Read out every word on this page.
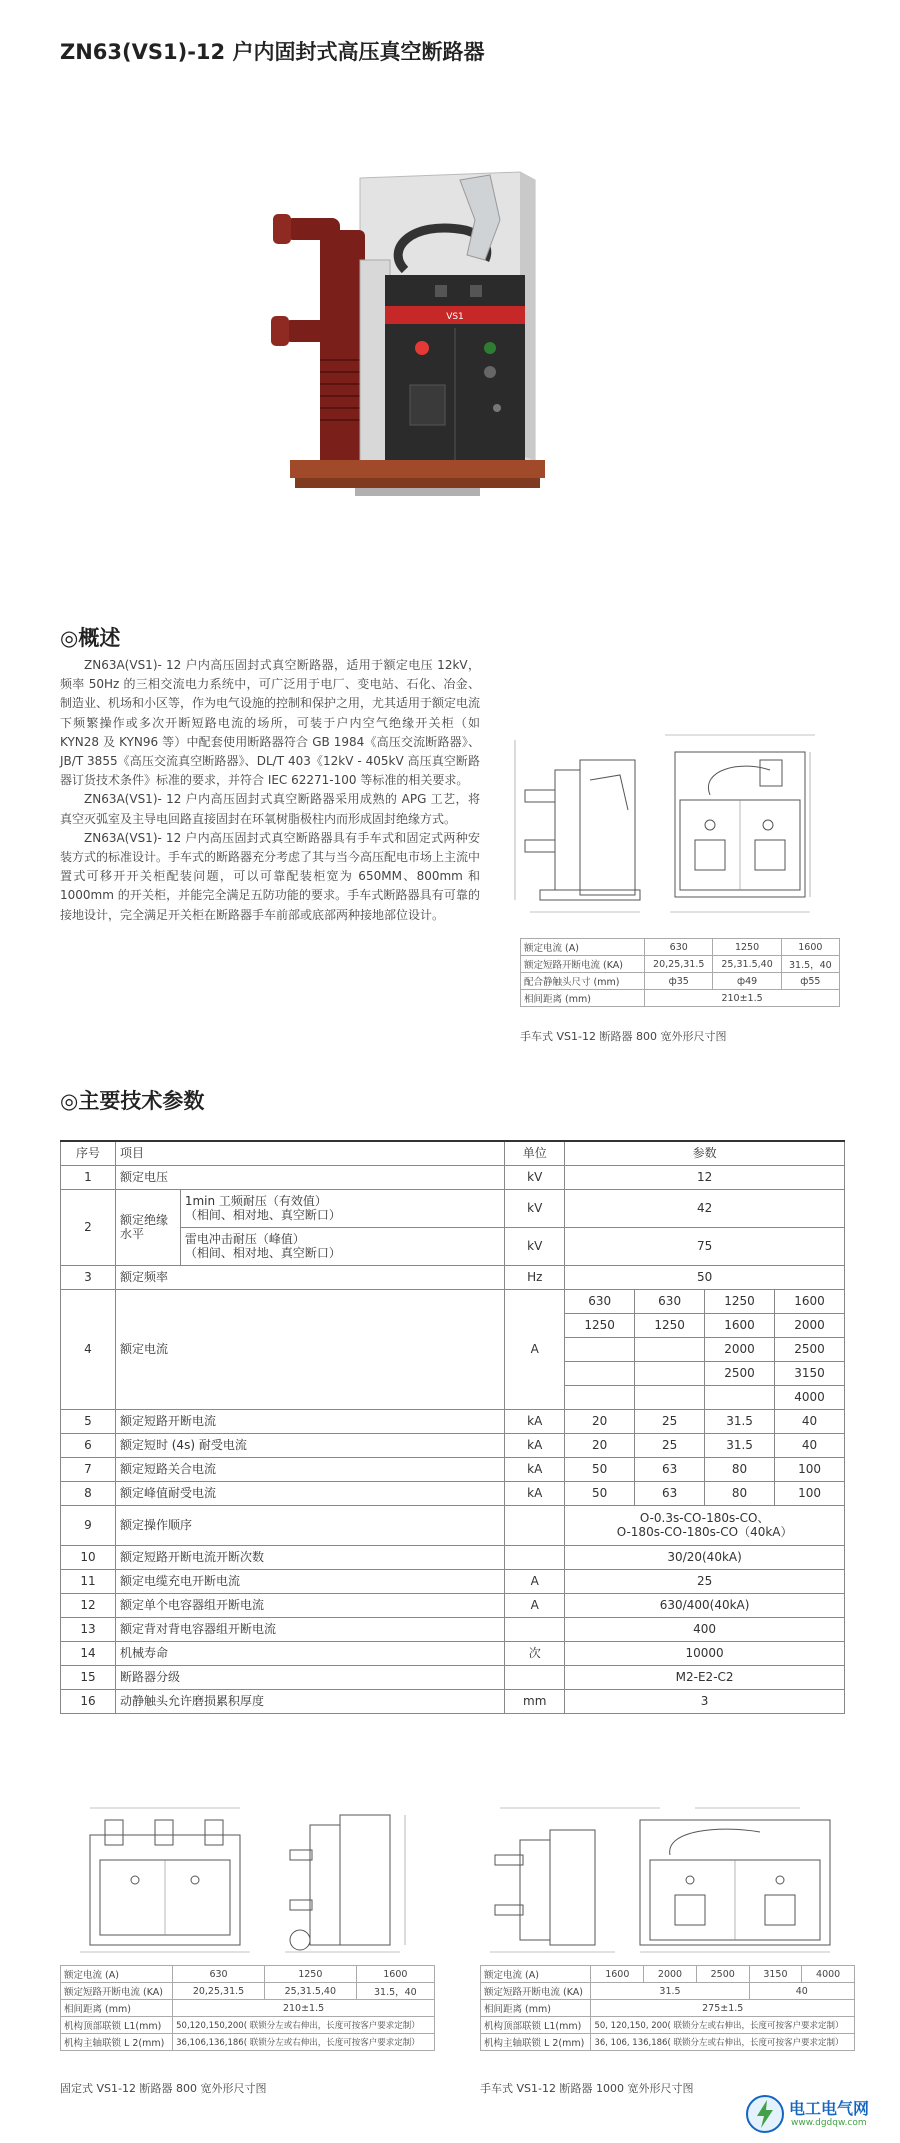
ZN63(VS1)-12 户内固封式高压真空断路器
VS1
◎概述

ZN63A(VS1)- 12 户内高压固封式真空断路器，适用于额定电压 12kV，频率 50Hz 的三相交流电力系统中，可广泛用于电厂、变电站、石化、冶金、制造业、机场和小区等，作为电气设施的控制和保护之用，尤其适用于额定电流下频繁操作或多次开断短路电流的场所，可装于户内空气绝缘开关柜（如 KYN28 及 KYN96 等）中配套使用断路器符合 GB 1984《高压交流断路器》、JB/T 3855《高压交流真空断路器》、DL/T 403《12kV - 405kV 高压真空断路器订货技术条件》标准的要求，并符合 IEC 62271-100 等标准的相关要求。

ZN63A(VS1)- 12 户内高压固封式真空断路器采用成熟的 APG 工艺，将真空灭弧室及主导电回路直接固封在环氧树脂极柱内而形成固封绝缘方式。

ZN63A(VS1)- 12 户内高压固封式真空断路器具有手车式和固定式两种安装方式的标准设计。手车式的断路器充分考虑了其与当今高压配电市场上主流中置式可移开开关柜配装问题，可以可靠配装柜宽为 650MM、800mm 和 1000mm 的开关柜，并能完全满足五防功能的要求。手车式断路器具有可靠的接地设计，完全满足开关柜在断路器手车前部或底部两种接地部位设计。

额定电流 (A)	630	1250	1600
额定短路开断电流 (KA)	20,25,31.5	25,31.5,40	31.5，40
配合静触头尺寸 (mm)	ф35	ф49	ф55
相间距离 (mm)	210±1.5		
手车式 VS1-12 断路器 800 宽外形尺寸图
◎主要技术参数
序号	项目		单位	参数			
1	额定电压		kV	12			
2	额定绝缘水平	1min 工频耐压（有效值）
（相间、相对地、真空断口）	kV	42			
		雷电冲击耐压（峰值）
（相间、相对地、真空断口）	kV	75			
3	额定频率		Hz	50			
4	额定电流		A	630	630	1250	1600
				1250	1250	1600	2000
						2000	2500
						2500	3150
							4000
5	额定短路开断电流		kA	20	25	31.5	40
6	额定短时 (4s) 耐受电流		kA	20	25	31.5	40
7	额定短路关合电流		kA	50	63	80	100
8	额定峰值耐受电流		kA	50	63	80	100
9	额定操作顺序			O-0.3s-CO-180s-CO、
O-180s-CO-180s-CO（40kA）			
10	额定短路开断电流开断次数			30/20(40kA)			
11	额定电缆充电开断电流		A	25			
12	额定单个电容器组开断电流		A	630/400(40kA)			
13	额定背对背电容器组开断电流			400			
14	机械寿命		次	10000			
15	断路器分级			M2-E2-C2			
16	动静触头允许磨损累积厚度		mm	3			
额定电流 (A)	630	1250	1600
额定短路开断电流 (KA)	20,25,31.5	25,31.5,40	31.5，40
相间距离 (mm)	210±1.5		
机构顶部联锁 L1(mm)	50,120,150,200( 联锁分左或右伸出，长度可按客户要求定制）		
机构主轴联锁 L 2(mm)	36,106,136,186( 联锁分左或右伸出，长度可按客户要求定制）		
固定式 VS1-12 断路器 800 宽外形尺寸图
额定电流 (A)	1600	2000	2500	3150	4000
额定短路开断电流 (KA)	31.5			40	
相间距离 (mm)	275±1.5				
机构顶部联锁 L1(mm)	50, 120,150, 200( 联锁分左或右伸出，长度可按客户要求定制）				
机构主轴联锁 L 2(mm)	36, 106, 136,186( 联锁分左或右伸出，长度可按客户要求定制）				
手车式 VS1-12 断路器 1000 宽外形尺寸图
电工电气网
www.dgdqw.com
